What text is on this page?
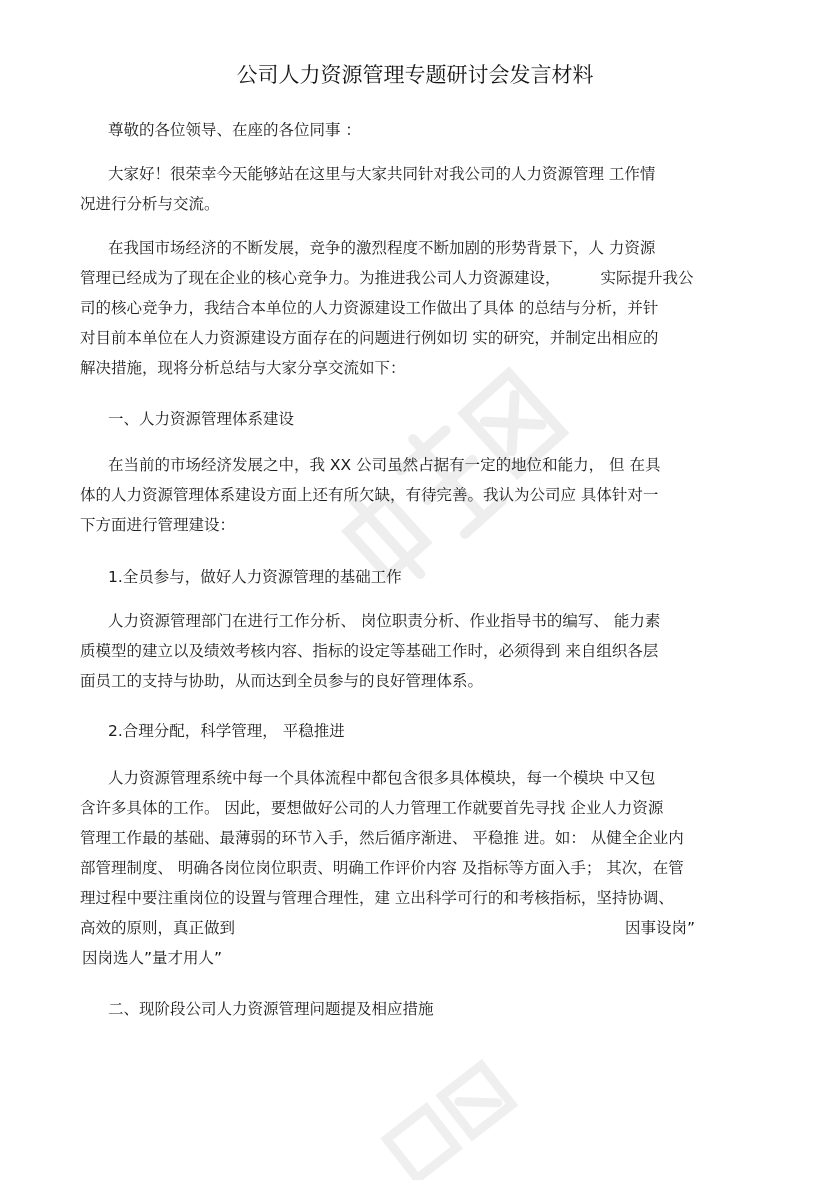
公司人力资源管理专题研讨会发言材料

尊敬的各位领导、在座的各位同事 ：

大家好！很荣幸今天能够站在这里与大家共同针对我公司的人力资源管理 工作情
况进行分析与交流。
在我国市场经济的不断发展，竞争的激烈程度不断加剧的形势背景下，人 力资源
管理已经成为了现在企业的核心竞争力。为推进我公司人力资源建设，	实际提升我公
司的核心竞争力，我结合本单位的人力资源建设工作做出了具体 的总结与分析，并针
对目前本单位在人力资源建设方面存在的问题进行例如切 实的研究，并制定出相应的
解决措施，现将分析总结与大家分享交流如下：

一、人力资源管理体系建设

在当前的市场经济发展之中，我 XX 公司虽然占据有一定的地位和能力， 但 在具
体的人力资源管理体系建设方面上还有所欠缺，有待完善。我认为公司应 具体针对一
下方面进行管理建设：

1.全员参与，做好人力资源管理的基础工作

人力资源管理部门在进行工作分析、 岗位职责分析、作业指导书的编写、 能力素
质模型的建立以及绩效考核内容、指标的设定等基础工作时，必须得到 来自组织各层
面员工的支持与协助，从而达到全员参与的良好管理体系。

2.合理分配，科学管理， 平稳推进

人力资源管理系统中每一个具体流程中都包含很多具体模块，每一个模块 中又包
含许多具体的工作。 因此，要想做好公司的人力管理工作就要首先寻找 企业人力资源
管理工作最的基础、最薄弱的环节入手，然后循序渐进、 平稳推 进。如： 从健全企业内
部管理制度、 明确各岗位岗位职责、明确工作评价内容 及指标等方面入手； 其次，在管
理过程中要注重岗位的设置与管理合理性，建 立出科学可行的和考核指标，坚持协调、
高效的原则，真正做到	因事设岗”
因岗选人”量才用人”

二、现阶段公司人力资源管理问题提及相应措施
